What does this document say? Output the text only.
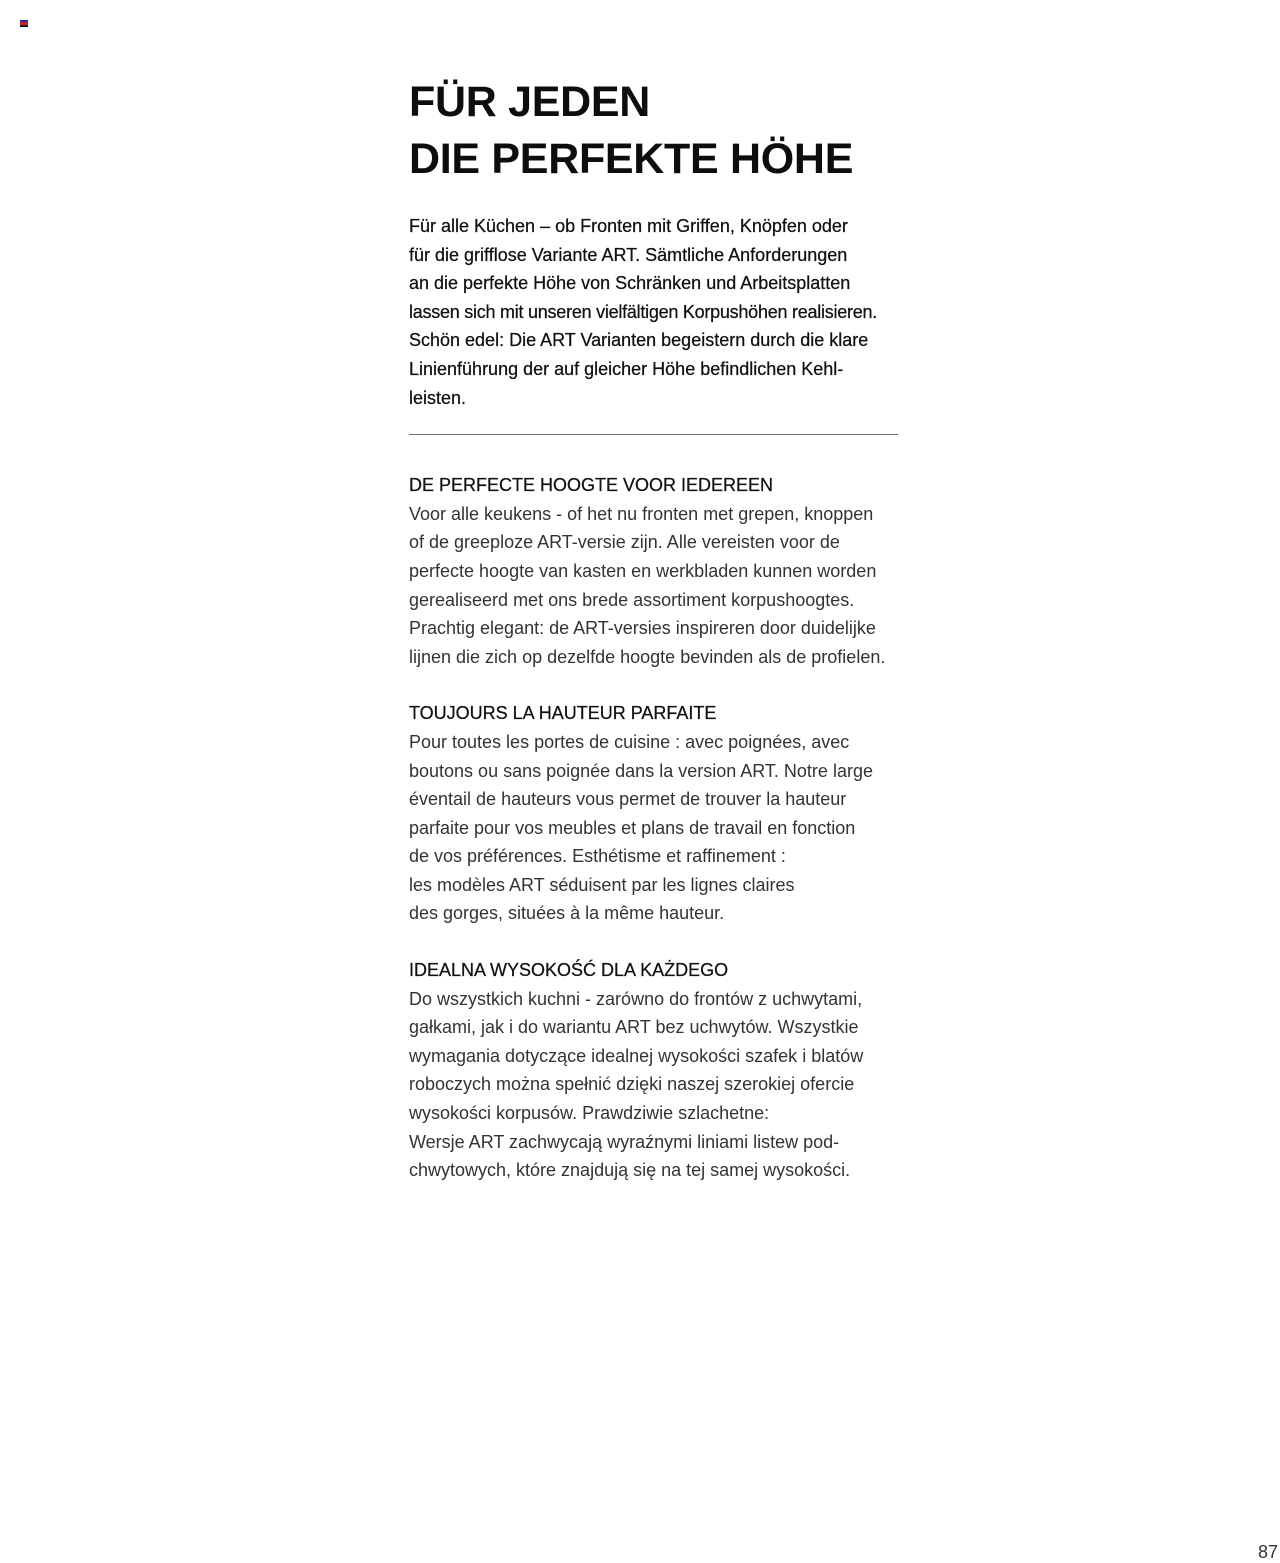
FÜR JEDEN
DIE PERFEKTE HÖHE

Für alle Küchen – ob Fronten mit Griffen, Knöpfen oder
für die grifflose Variante ART. Sämtliche Anforderungen
an die perfekte Höhe von Schränken und Arbeitsplatten
lassen sich mit unseren vielfältigen Korpushöhen realisieren.
Schön edel: Die ART Varianten begeistern durch die klare
Linienführung der auf gleicher Höhe befindlichen Kehl-
leisten.

DE PERFECTE HOOGTE VOOR IEDEREEN

Voor alle keukens - of het nu fronten met grepen, knoppen
of de greeploze ART-versie zijn. Alle vereisten voor de
perfecte hoogte van kasten en werkbladen kunnen worden
gerealiseerd met ons brede assortiment korpushoogtes.
Prachtig elegant: de ART-versies inspireren door duidelijke
lijnen die zich op dezelfde hoogte bevinden als de profielen.

TOUJOURS LA HAUTEUR PARFAITE

Pour toutes les portes de cuisine : avec poignées, avec
boutons ou sans poignée dans la version ART. Notre large
éventail de hauteurs vous permet de trouver la hauteur
parfaite pour vos meubles et plans de travail en fonction
de vos préférences. Esthétisme et raffinement :
les modèles ART séduisent par les lignes claires
des gorges, situées à la même hauteur.

IDEALNA WYSOKOŚĆ DLA KAŻDEGO

Do wszystkich kuchni - zarówno do frontów z uchwytami,
gałkami, jak i do wariantu ART bez uchwytów. Wszystkie
wymagania dotyczące idealnej wysokości szafek i blatów
roboczych można spełnić dzięki naszej szerokiej ofercie
wysokości korpusów. Prawdziwie szlachetne:
Wersje ART zachwycają wyraźnymi liniami listew pod-
chwytowych, które znajdują się na tej samej wysokości.

87
